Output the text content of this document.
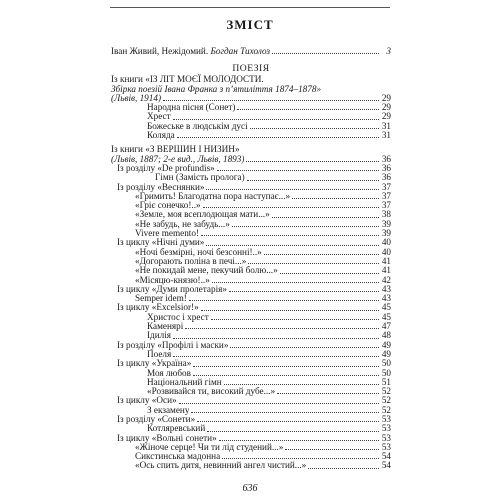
ЗМІСТ
Іван Живий, Нежідомий. Богдан Тихолоз	3
ПОЕЗІЯ
Із книги «ІЗ ЛІТ МОЄЇ МОЛОДОСТИ.
Збірка поезій Івана Франка з п’ятиліття 1874–1878»
(Львів, 1914)	29
Народна пісня (Сонет)	29
Хрест	29
Божеське в людськім дусі	31
Коляда	31
Із книги «З ВЕРШИН І НИЗИН»
(Львів, 1887; 2-е вид., Львів, 1893)	36
Із розділу «De profundis»	36
Гімн (Замість пролога)	36
Із розділу «Веснянки»	37
«Гримить! Благодатна пора наступає...»	37
«Гріє сонечко!..»	37
«Земле, моя всеплодющая мати...»	38
«Не забудь, не забудь...»	39
Vivere memento!	39
Із циклу «Нічні думи»	40
«Ночі безмірні, ночі безсонні!..»	40
«Догорають поліна в печі...»	41
«Не покидай мене, пекучий болю...»	41
«Місяцю-князю!..»	42
Із циклу «Думи пролетарія»	43
Semper idem!	43
Із циклу «Excelsior!»	45
Христос і хрест	45
Каменярі	47
Ідилія	48
Із розділу «Профілі і маски»	49
Поеля	49
Із циклу «Україна»	50
Моя любов	50
Національний гімн	51
«Розвивайся ти, високий дубе...»	52
Із циклу «Оси»	52
З екзамену	52
Із розділу «Сонети»	53
Котляревський	53
Із циклу «Вольні сонети»	53
«Жіноче серце! Чи ти лід студений...»	53
Сикстинська мадонна	54
«Ось спить дитя, невинний ангел чистий...»	54
636
